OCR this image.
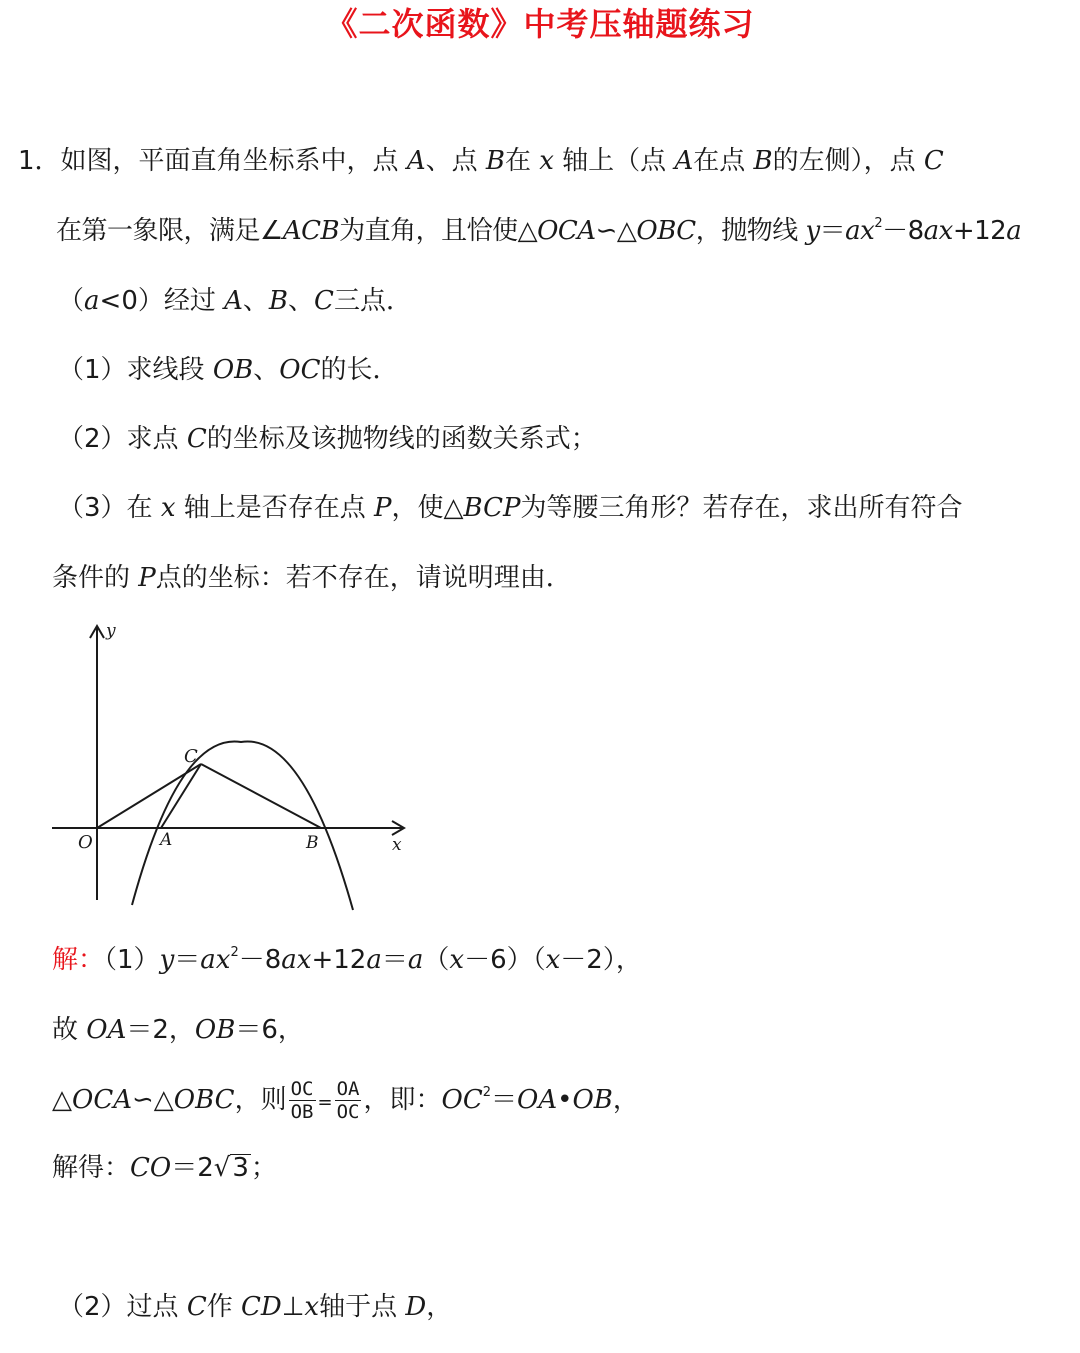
《二次函数》中考压轴题练习
1．如图，平面直角坐标系中，点 A、点 B在 x 轴上（点 A在点 B的左侧），点 C
在第一象限，满足∠ACB为直角，且恰使△OCA∽△OBC，抛物线 $y=ax^2-8ax+12a$
（a<0）经过 A、B、C三点．
（1）求线段 OB、OC的长．
（2）求点 C的坐标及该抛物线的函数关系式；
（3）在 x 轴上是否存在点 P，使△BCP为等腰三角形？若存在，求出所有符合
条件的 P点的坐标：若不存在，请说明理由．
y
x
O	A	B
C
解：$(1)y=ax^2-8ax+12a=a(x-6)(x-2)$，
故 OA＝2，OB＝6，
△OCA∽△OBC，则 $\frac{OC}{OB} = \frac{OA}{OC}$ ，即：$OC^2=OA•OB$，
解得：CO＝2√3；
（2）过点 C作 CD⊥x轴于点 D，
